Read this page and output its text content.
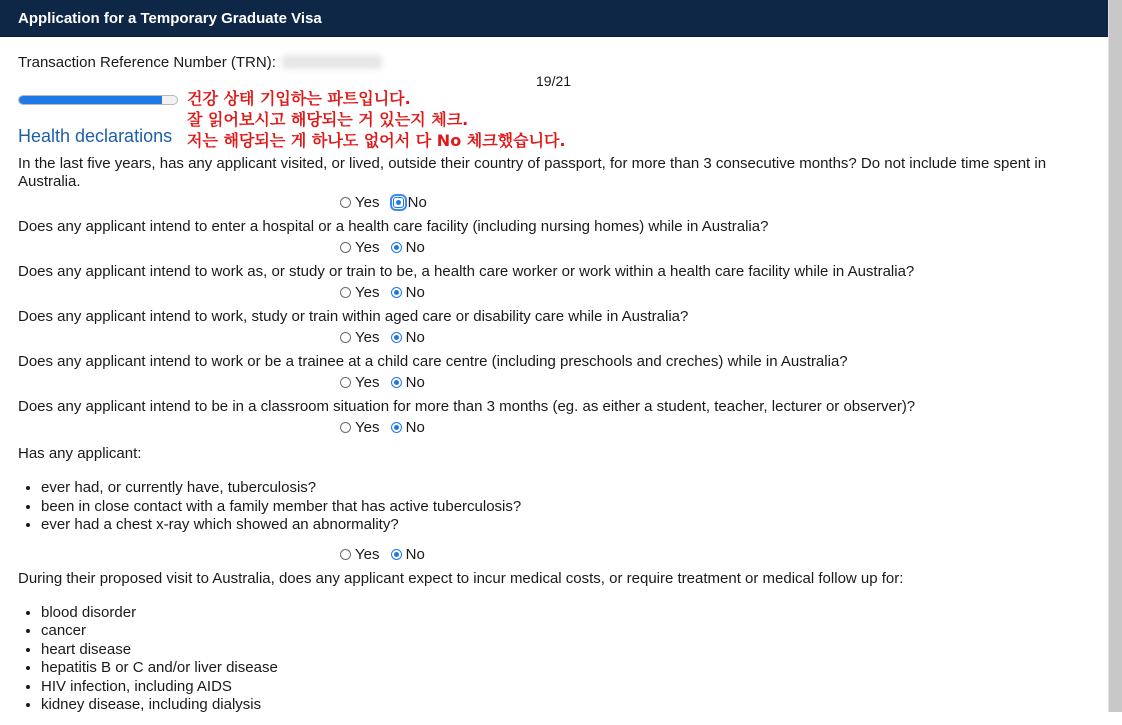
Application for a Temporary Graduate Visa
Transaction Reference Number (TRN):
19/21
건강 상태 기입하는 파트입니다.
잘 읽어보시고 해당되는 거 있는지 체크.
저는 해당되는 게 하나도 없어서 다 No 체크했습니다.
Health declarations

In the last five years, has any applicant visited, or lived, outside their country of passport, for more than 3 consecutive months? Do not include time spent in Australia.

Yes No

Does any applicant intend to enter a hospital or a health care facility (including nursing homes) while in Australia?

Yes No

Does any applicant intend to work as, or study or train to be, a health care worker or work within a health care facility while in Australia?

Yes No

Does any applicant intend to work, study or train within aged care or disability care while in Australia?

Yes No

Does any applicant intend to work or be a trainee at a child care centre (including preschools and creches) while in Australia?

Yes No

Does any applicant intend to be in a classroom situation for more than 3 months (eg. as either a student, teacher, lecturer or observer)?

Yes No

Has any applicant:

• ever had, or currently have, tuberculosis?
• been in close contact with a family member that has active tuberculosis?
• ever had a chest x-ray which showed an abnormality?
Yes No

During their proposed visit to Australia, does any applicant expect to incur medical costs, or require treatment or medical follow up for:

• blood disorder
• cancer
• heart disease
• hepatitis B or C and/or liver disease
• HIV infection, including AIDS
• kidney disease, including dialysis
